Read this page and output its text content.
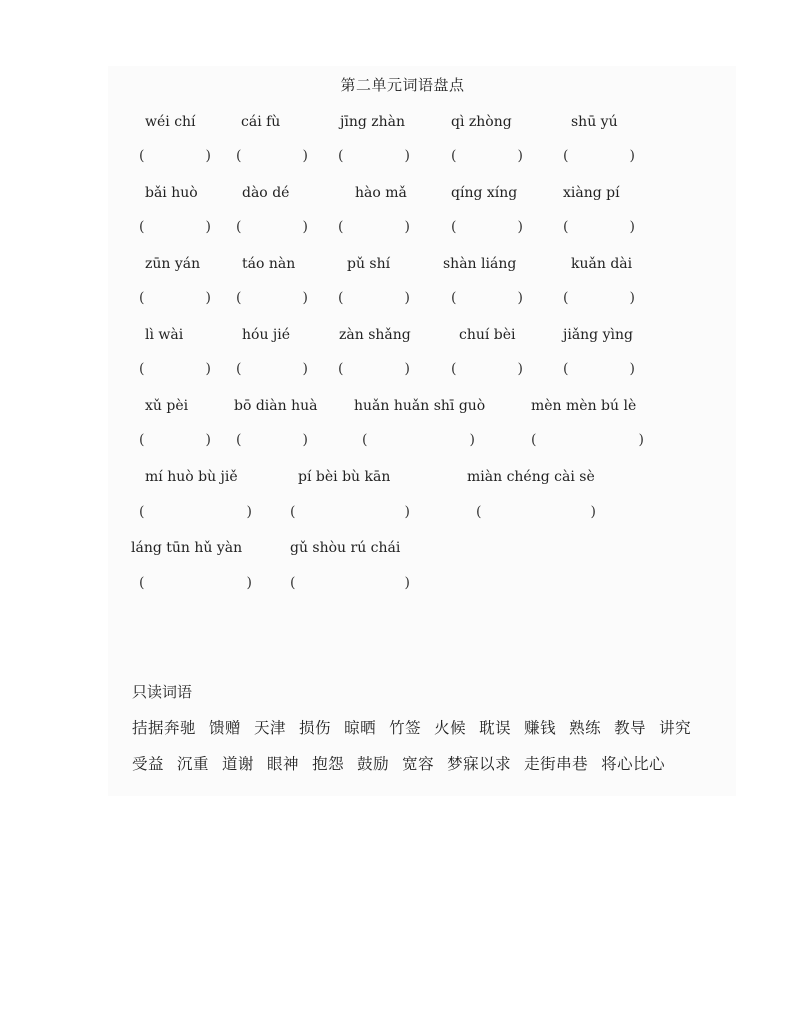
第二单元词语盘点
wéi chí	cái fù	jīng zhàn	qì zhòng	shū yú
(	) (	) (	)	(	)	(	)
bǎi huò	dào dé	hào mǎ	qíng xíng	xiàng pí
(	) (	) (	)	(	)	(	)
zūn yán	táo nàn	pǔ shí	shàn liáng	kuǎn dài
(	) (	) (	)	(	)	(	)
lì wài	hóu jié	zàn shǎng	chuí bèi	jiǎng yìng
(	) (	) (	)	(	)	(	)
xǔ pèi	bō diàn huà	huǎn huǎn shī guò	mèn mèn bú lè
(	) (	)	(	)	(	)
mí huò bù jiě	pí bèi bù kān	miàn chéng cài sè
(	)	(	)	(	)
láng tūn hǔ yàn	gǔ shòu rú chái
(	)	(	)
只读词语
拮据奔驰 馈赠 天津 损伤 晾晒 竹签 火候 耽误 赚钱 熟练 教导 讲究
受益 沉重 道谢 眼神 抱怨 鼓励 宽容 梦寐以求 走街串巷 将心比心
